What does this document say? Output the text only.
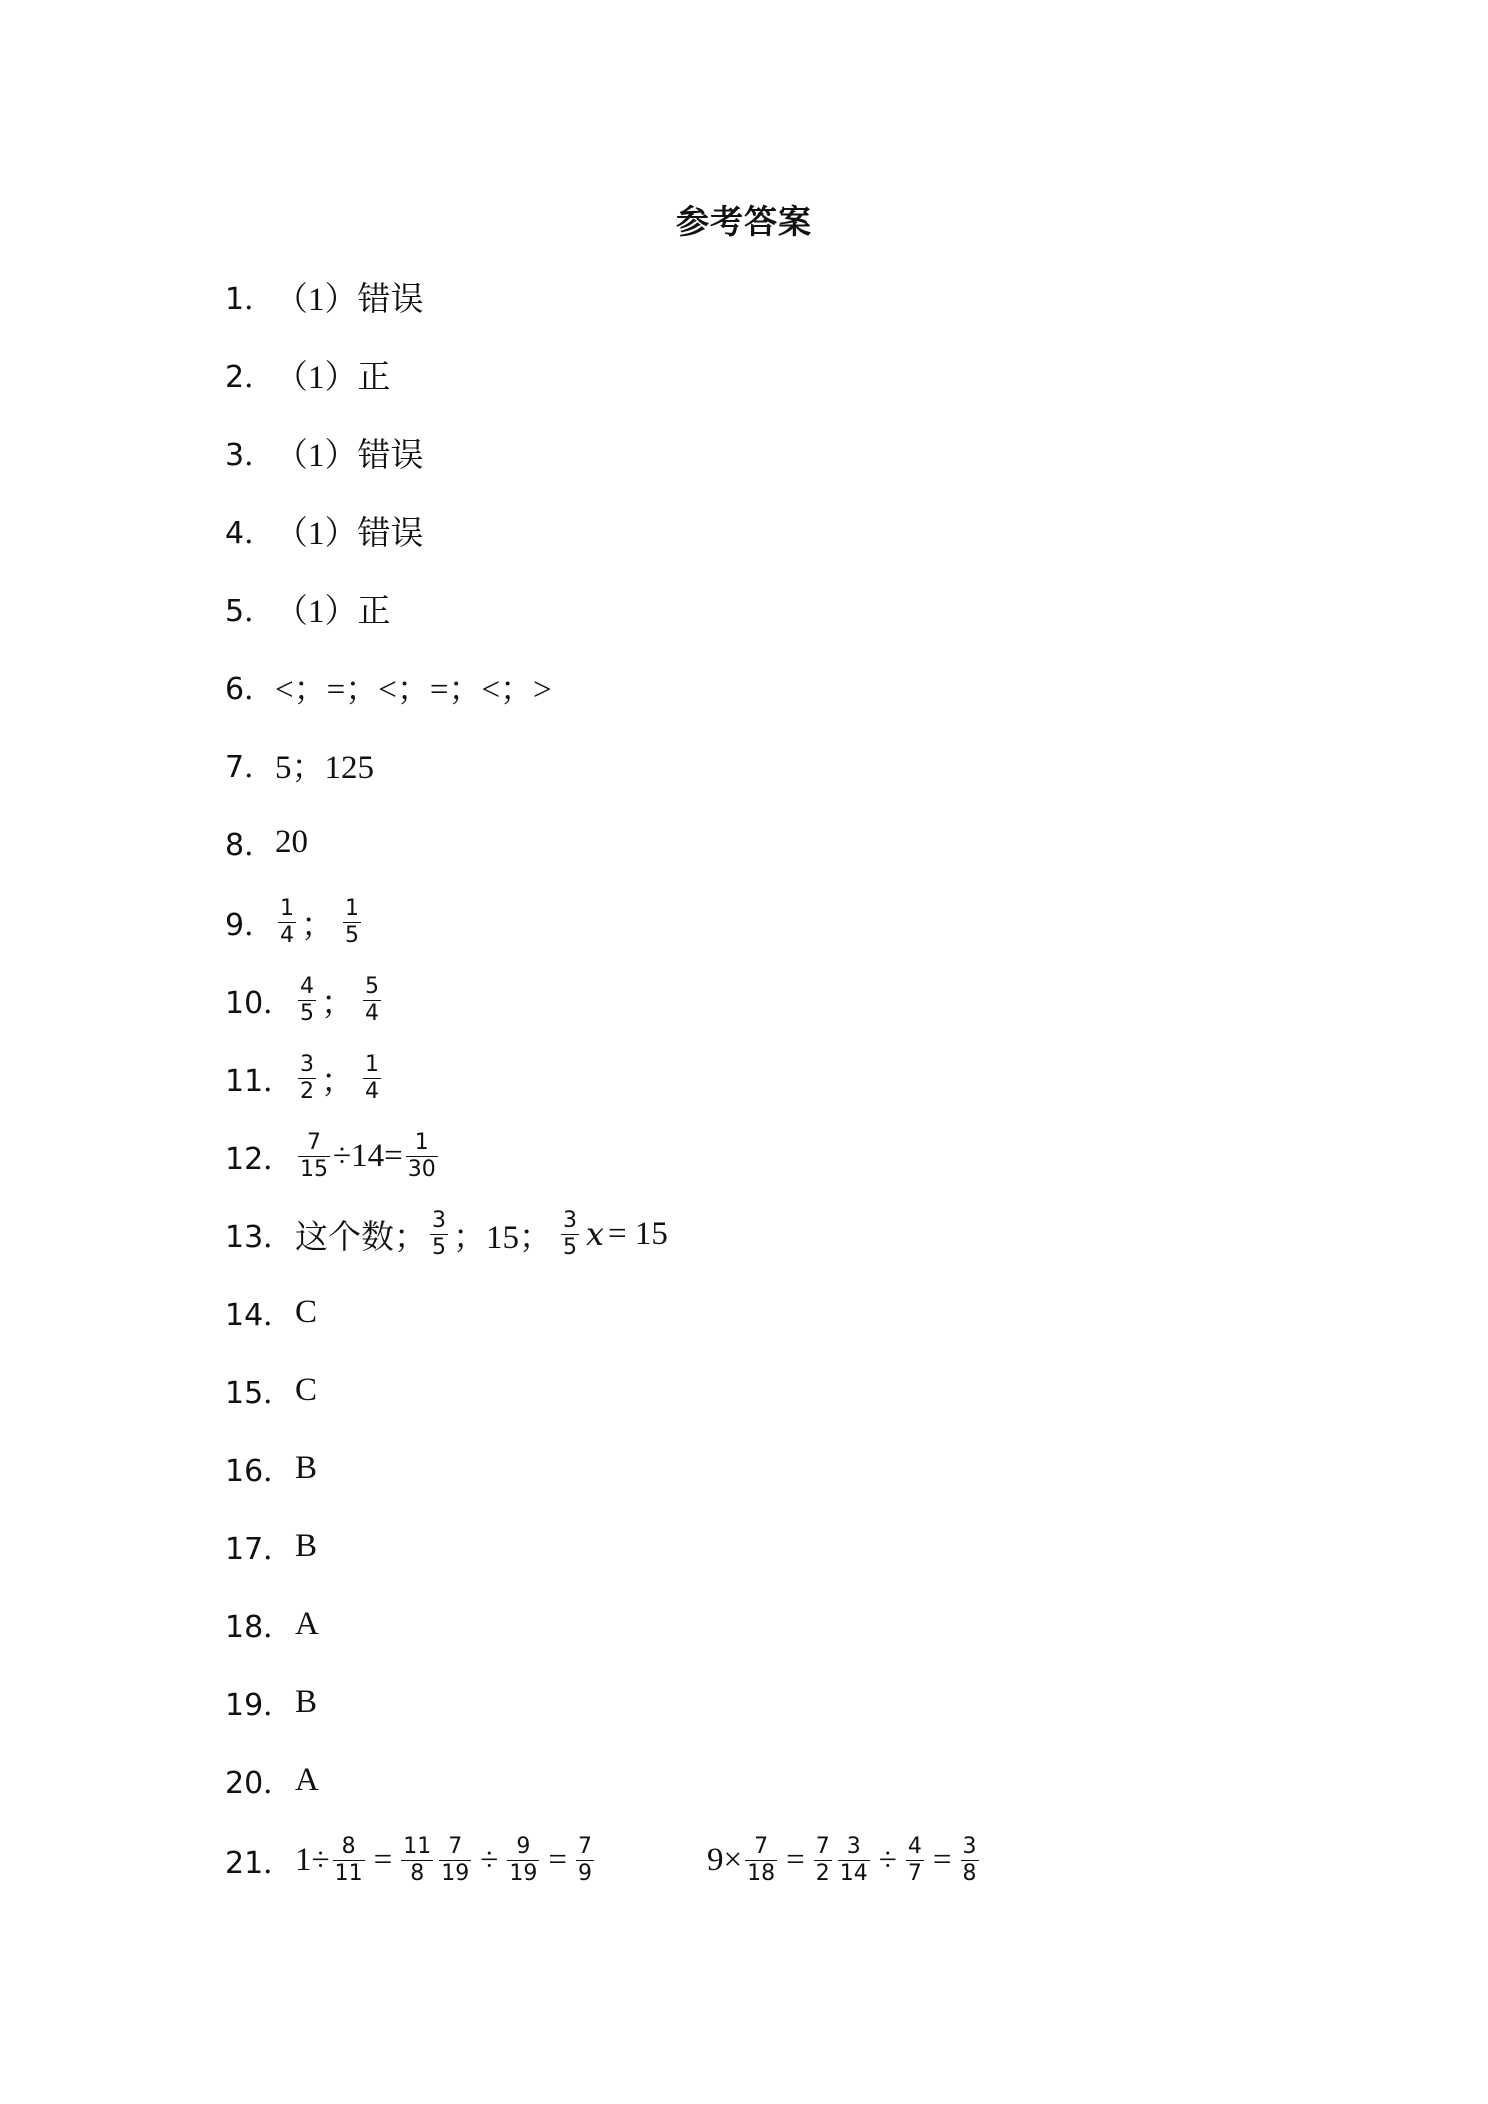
参考答案
1． （1）错误
2． （1）正
3． （1）错误
4． （1）错误
5． （1）正
6． <；=；<；=；<；>
7． 5；125
8． 20
9． $\frac{1}{4}$ ； $\frac{1}{5}$
10． $\frac{4}{5}$ ； $\frac{5}{4}$
11． $\frac{3}{2}$ ； $\frac{1}{4}$
12． $\frac{7}{15} \div 14= \frac{1}{30}$
13． 这个数； $\frac{3}{5}$ ；15； $\frac{3}{5}$ x = 15
14． C
15． C
16． B
17． B
18． A
19． B
20． A
21． $1\div \frac{8}{11} = \frac{11}{8} \frac{7}{19} \div \frac{9}{19} = \frac{7}{9}$	$9\times \frac{7}{18} = \frac{7}{2} \frac{3}{14} \div \frac{4}{7} = \frac{3}{8}$
